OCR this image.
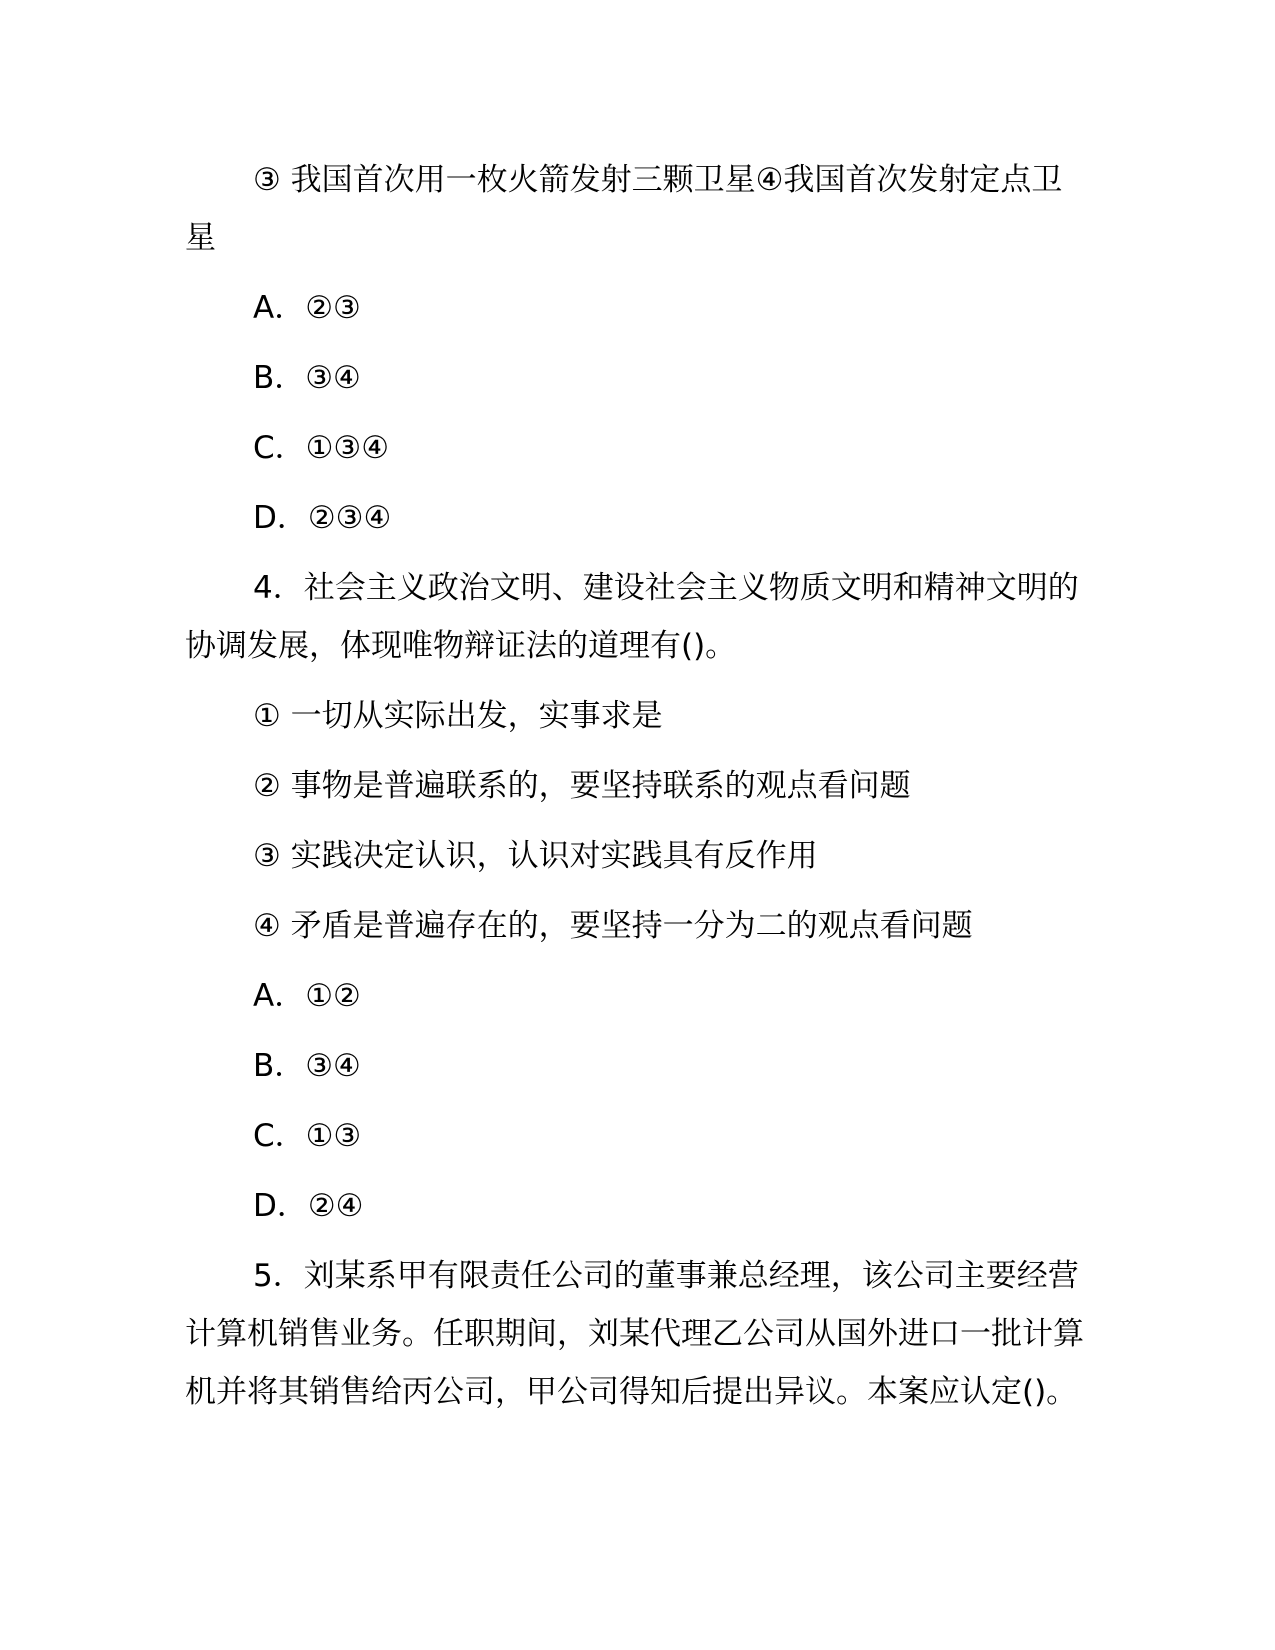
③ 我国首次用一枚火箭发射三颗卫星④我国首次发射定点卫星

A．②③

B．③④

C．①③④

D．②③④

4．社会主义政治文明、建设社会主义物质文明和精神文明的协调发展，体现唯物辩证法的道理有()。

① 一切从实际出发，实事求是

② 事物是普遍联系的，要坚持联系的观点看问题

③ 实践决定认识，认识对实践具有反作用

④ 矛盾是普遍存在的，要坚持一分为二的观点看问题

A．①②

B．③④

C．①③

D．②④

5．刘某系甲有限责任公司的董事兼总经理，该公司主要经营计算机销售业务。任职期间，刘某代理乙公司从国外进口一批计算机并将其销售给丙公司，甲公司得知后提出异议。本案应认定()。
